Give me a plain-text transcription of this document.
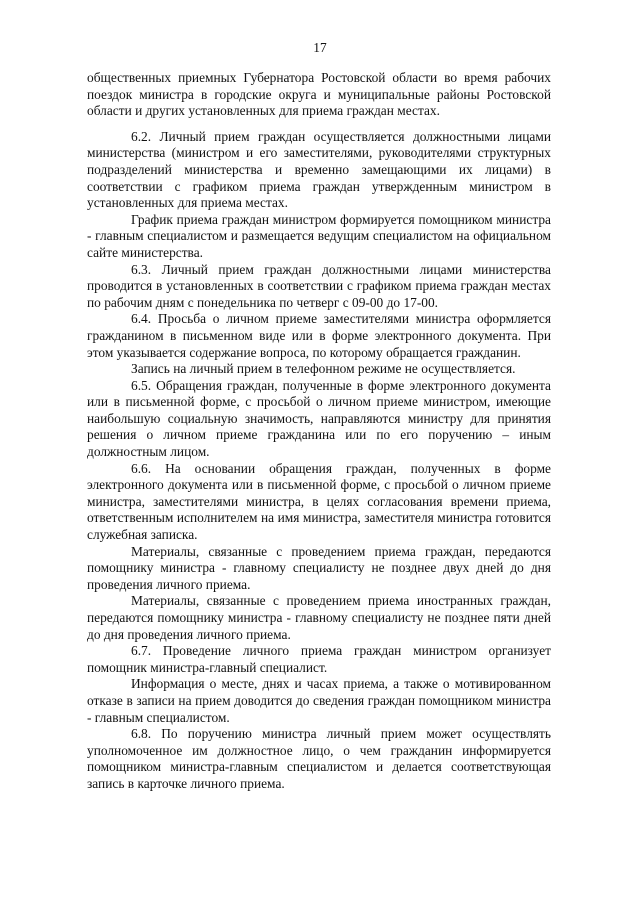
17

общественных приемных Губернатора Ростовской области во время рабочих поездок министра в городские округа и муниципальные районы Ростовской области и других установленных для приема граждан местах.

6.2. Личный прием граждан осуществляется должностными лицами министерства (министром и его заместителями, руководителями структурных подразделений министерства и временно замещающими их лицами) в соответствии с графиком приема граждан утвержденным министром в установленных для приема местах.

График приема граждан министром формируется помощником министра - главным специалистом и размещается ведущим специалистом на официальном сайте министерства.

6.3. Личный прием граждан должностными лицами министерства проводится в установленных в соответствии с графиком приема граждан местах по рабочим дням с понедельника по четверг с 09-00 до 17-00.

6.4. Просьба о личном приеме заместителями министра оформляется гражданином в письменном виде или в форме электронного документа. При этом указывается содержание вопроса, по которому обращается гражданин.

Запись на личный прием в телефонном режиме не осуществляется.

6.5. Обращения граждан, полученные в форме электронного документа или в письменной форме, с просьбой о личном приеме министром, имеющие наибольшую социальную значимость, направляются министру для принятия решения о личном приеме гражданина или по его поручению – иным должностным лицом.

6.6. На основании обращения граждан, полученных в форме электронного документа или в письменной форме, с просьбой о личном приеме министра, заместителями министра, в целях согласования времени приема, ответственным исполнителем на имя министра, заместителя министра готовится служебная записка.

Материалы, связанные с проведением приема граждан, передаются помощнику министра - главному специалисту не позднее двух дней до дня проведения личного приема.

Материалы, связанные с проведением приема иностранных граждан, передаются помощнику министра - главному специалисту не позднее пяти дней до дня проведения личного приема.

6.7. Проведение личного приема граждан министром организует помощник министра-главный специалист.

Информация о месте, днях и часах приема, а также о мотивированном отказе в записи на прием доводится до сведения граждан помощником министра - главным специалистом.

6.8. По поручению министра личный прием может осуществлять уполномоченное им должностное лицо, о чем гражданин информируется помощником министра-главным специалистом и делается соответствующая запись в карточке личного приема.
